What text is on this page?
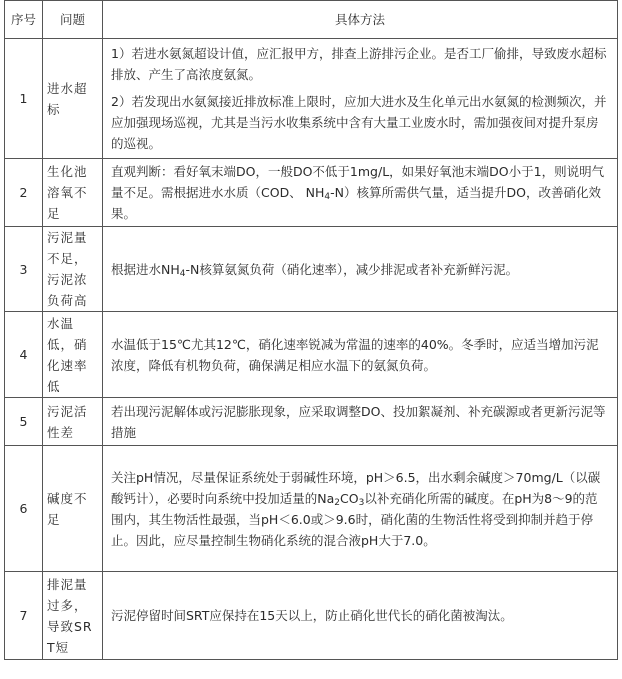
序号	问题	具体方法
1	进水超标	1）若进水氨氮超设计值，应汇报甲方，排查上游排污企业。是否工厂偷排，导致废水超标排放、产生了高浓度氨氮。

2）若发现出水氨氮接近排放标准上限时，应加大进水及生化单元出水氨氮的检测频次，并应加强现场巡视，尤其是当污水收集系统中含有大量工业废水时，需加强夜间对提升泵房的巡视。

2	生化池溶氧不足	直观判断：看好氧末端DO，一般DO不低于1mg/L，如果好氧池末端DO小于1，则说明气量不足。需根据进水水质（COD、 $NH_4-N$）核算所需供气量，适当提升DO，改善硝化效果。
3	污泥量不足，污泥浓负荷高	根据进水$NH_4-N$核算氨氮负荷（硝化速率），减少排泥或者补充新鲜污泥。
4	水温低，硝化速率低	水温低于15℃尤其12℃，硝化速率锐减为常温的速率的40%。冬季时，应适当增加污泥浓度，降低有机物负荷，确保满足相应水温下的氨氮负荷。
5	污泥活性差	若出现污泥解体或污泥膨胀现象，应采取调整DO、投加絮凝剂、补充碳源或者更新污泥等措施
6	碱度不足	关注pH情况，尽量保证系统处于弱碱性环境，pH＞6.5，出水剩余碱度＞70mg/L（以碳酸钙计），必要时向系统中投加适量的$Na_2CO_3$以补充硝化所需的碱度。在pH为8～9的范围内，其生物活性最强，当pH＜6.0或＞9.6时，硝化菌的生物活性将受到抑制并趋于停止。因此，应尽量控制生物硝化系统的混合液pH大于7.0。
7	排泥量过多，导致SRT短	污泥停留时间SRT应保持在15天以上，防止硝化世代长的硝化菌被淘汰。
